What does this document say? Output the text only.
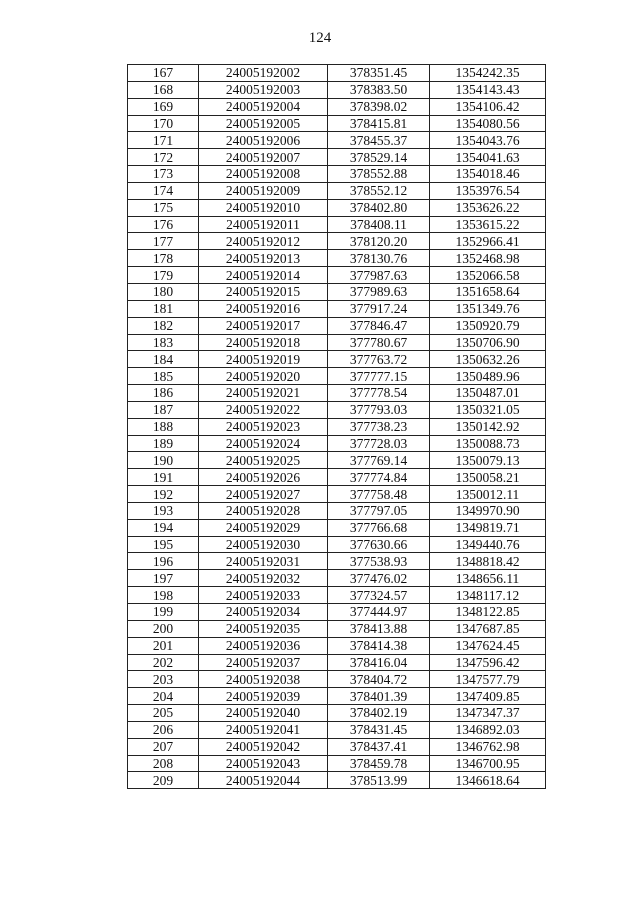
124
167	24005192002	378351.45	1354242.35
168	24005192003	378383.50	1354143.43
169	24005192004	378398.02	1354106.42
170	24005192005	378415.81	1354080.56
171	24005192006	378455.37	1354043.76
172	24005192007	378529.14	1354041.63
173	24005192008	378552.88	1354018.46
174	24005192009	378552.12	1353976.54
175	24005192010	378402.80	1353626.22
176	24005192011	378408.11	1353615.22
177	24005192012	378120.20	1352966.41
178	24005192013	378130.76	1352468.98
179	24005192014	377987.63	1352066.58
180	24005192015	377989.63	1351658.64
181	24005192016	377917.24	1351349.76
182	24005192017	377846.47	1350920.79
183	24005192018	377780.67	1350706.90
184	24005192019	377763.72	1350632.26
185	24005192020	377777.15	1350489.96
186	24005192021	377778.54	1350487.01
187	24005192022	377793.03	1350321.05
188	24005192023	377738.23	1350142.92
189	24005192024	377728.03	1350088.73
190	24005192025	377769.14	1350079.13
191	24005192026	377774.84	1350058.21
192	24005192027	377758.48	1350012.11
193	24005192028	377797.05	1349970.90
194	24005192029	377766.68	1349819.71
195	24005192030	377630.66	1349440.76
196	24005192031	377538.93	1348818.42
197	24005192032	377476.02	1348656.11
198	24005192033	377324.57	1348117.12
199	24005192034	377444.97	1348122.85
200	24005192035	378413.88	1347687.85
201	24005192036	378414.38	1347624.45
202	24005192037	378416.04	1347596.42
203	24005192038	378404.72	1347577.79
204	24005192039	378401.39	1347409.85
205	24005192040	378402.19	1347347.37
206	24005192041	378431.45	1346892.03
207	24005192042	378437.41	1346762.98
208	24005192043	378459.78	1346700.95
209	24005192044	378513.99	1346618.64
